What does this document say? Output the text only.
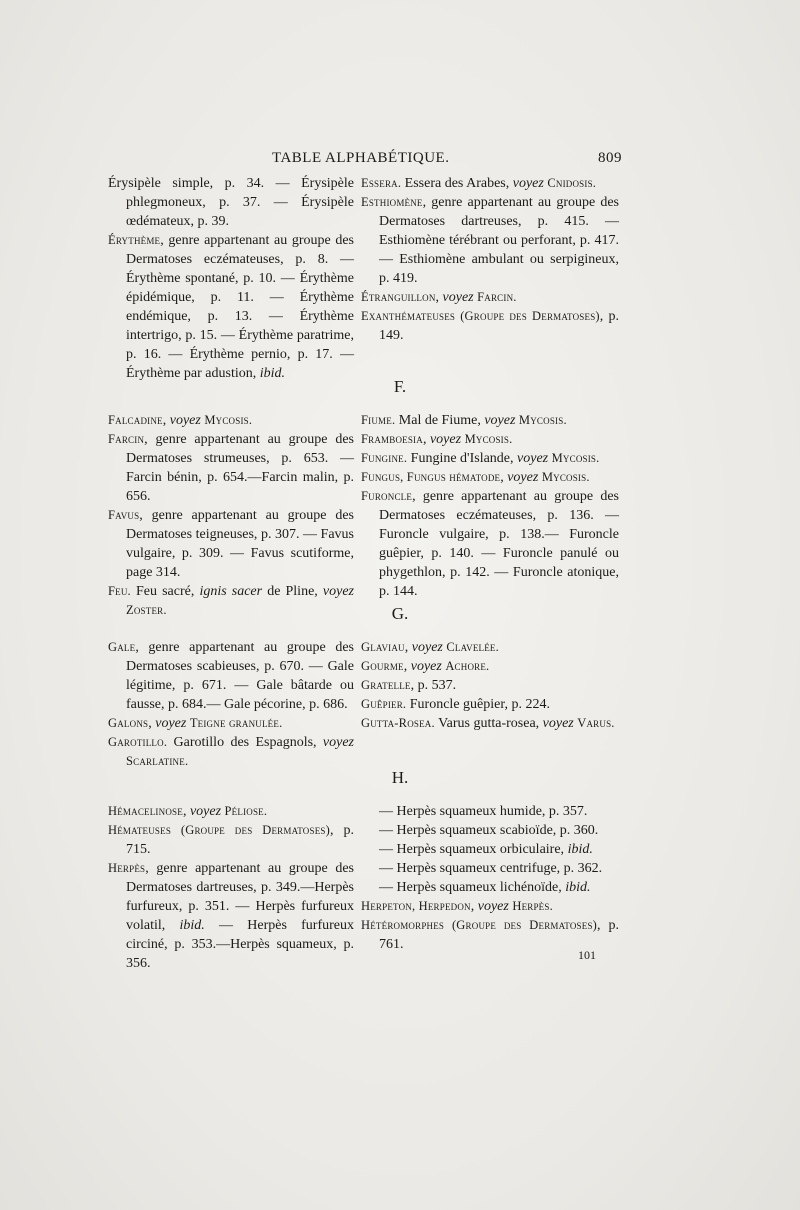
TABLE ALPHABÉTIQUE.	809

Érysipèle simple, p. 34. — Érysipèle phlegmoneux, p. 37. — Érysipèle œdémateux, p. 39.

Érythème, genre appartenant au groupe des Dermatoses eczémateuses, p. 8. — Érythème spontané, p. 10. — Érythème épidémique, p. 11. — Érythème endémique, p. 13. — Érythème intertrigo, p. 15. — Érythème paratrime, p. 16. — Érythème pernio, p. 17. — Érythème par adustion, ibid.

Essera. Essera des Arabes, voyez Cnidosis.

Esthiomène, genre appartenant au groupe des Dermatoses dartreuses, p. 415. — Esthiomène térébrant ou perforant, p. 417. — Esthiomène ambulant ou serpigineux, p. 419.

Étranguillon, voyez Farcin.

Exanthémateuses (Groupe des Dermatoses), p. 149.

F.

Falcadine, voyez Mycosis.

Farcin, genre appartenant au groupe des Dermatoses strumeuses, p. 653. — Farcin bénin, p. 654.—Farcin malin, p. 656.

Favus, genre appartenant au groupe des Dermatoses teigneuses, p. 307. — Favus vulgaire, p. 309. — Favus scutiforme, page 314.

Feu. Feu sacré, ignis sacer de Pline, voyez Zoster.

Fiume. Mal de Fiume, voyez Mycosis.

Framboesia, voyez Mycosis.

Fungine. Fungine d'Islande, voyez Mycosis.

Fungus, Fungus hématode, voyez Mycosis.

Furoncle, genre appartenant au groupe des Dermatoses eczémateuses, p. 136. —Furoncle vulgaire, p. 138.— Furoncle guêpier, p. 140. — Furoncle panulé ou phygethlon, p. 142. — Furoncle atonique, p. 144.

G.

Gale, genre appartenant au groupe des Dermatoses scabieuses, p. 670. — Gale légitime, p. 671. — Gale bâtarde ou fausse, p. 684.— Gale pécorine, p. 686.

Galons, voyez Teigne granulée.

Garotillo. Garotillo des Espagnols, voyez Scarlatine.

Glaviau, voyez Clavelée.

Gourme, voyez Achore.

Gratelle, p. 537.

Guêpier. Furoncle guêpier, p. 224.

Gutta-Rosea. Varus gutta-rosea, voyez Varus.

H.

Hémacelinose, voyez Péliose.

Hémateuses (Groupe des Dermatoses), p. 715.

Herpès, genre appartenant au groupe des Dermatoses dartreuses, p. 349.—Herpès furfureux, p. 351. — Herpès furfureux volatil, ibid. — Herpès furfureux circiné, p. 353.—Herpès squameux, p. 356.

— Herpès squameux humide, p. 357.

— Herpès squameux scabioïde, p. 360.

— Herpès squameux orbiculaire, ibid.

— Herpès squameux centrifuge, p. 362.

— Herpès squameux lichénoïde, ibid.

Herpeton, Herpedon, voyez Herpès.

Hétéromorphes (Groupe des Dermatoses), p. 761.

101
